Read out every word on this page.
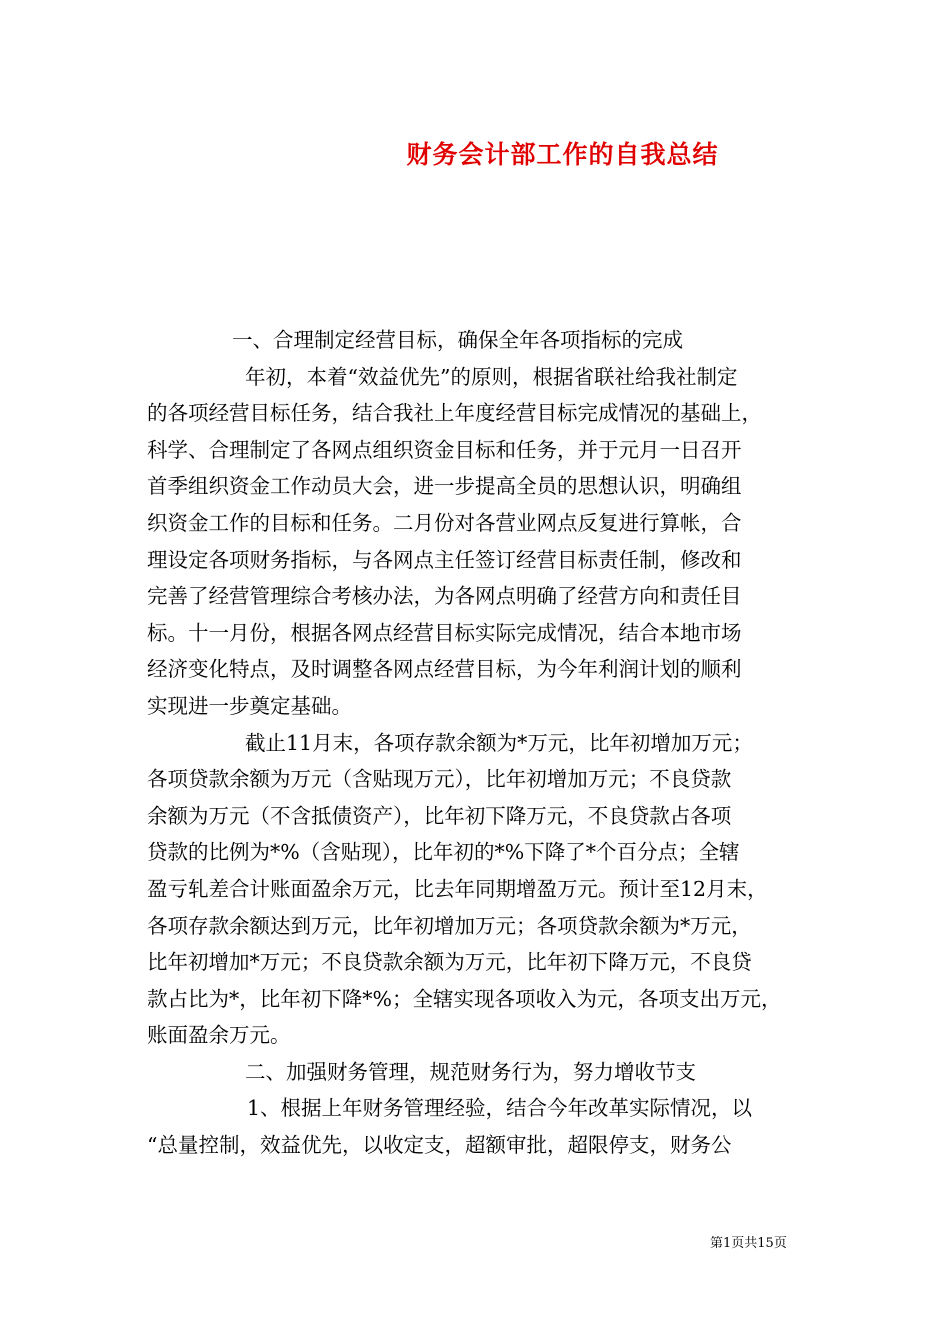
财务会计部工作的自我总结
一、合理制定经营目标，确保全年各项指标的完成
年初，本着“效益优先”的原则，根据省联社给我社制定
的各项经营目标任务，结合我社上年度经营目标完成情况的基础上，
科学、合理制定了各网点组织资金目标和任务，并于元月一日召开
首季组织资金工作动员大会，进一步提高全员的思想认识，明确组
织资金工作的目标和任务。二月份对各营业网点反复进行算帐，合
理设定各项财务指标，与各网点主任签订经营目标责任制，修改和
完善了经营管理综合考核办法，为各网点明确了经营方向和责任目
标。十一月份，根据各网点经营目标实际完成情况，结合本地市场
经济变化特点，及时调整各网点经营目标，为今年利润计划的顺利
实现进一步奠定基础。
截止11月末，各项存款余额为*万元，比年初增加万元；
各项贷款余额为万元（含贴现万元），比年初增加万元；不良贷款
余额为万元（不含抵债资产），比年初下降万元，不良贷款占各项
贷款的比例为*%（含贴现），比年初的*%下降了*个百分点；全辖
盈亏轧差合计账面盈余万元，比去年同期增盈万元。预计至12月末，
各项存款余额达到万元，比年初增加万元；各项贷款余额为*万元，
比年初增加*万元；不良贷款余额为万元，比年初下降万元，不良贷
款占比为*，比年初下降*%；全辖实现各项收入为元，各项支出万元，
账面盈余万元。
二、加强财务管理，规范财务行为，努力增收节支
1、根据上年财务管理经验，结合今年改革实际情况，以
“总量控制，效益优先，以收定支，超额审批，超限停支，财务公
第1页共15页
